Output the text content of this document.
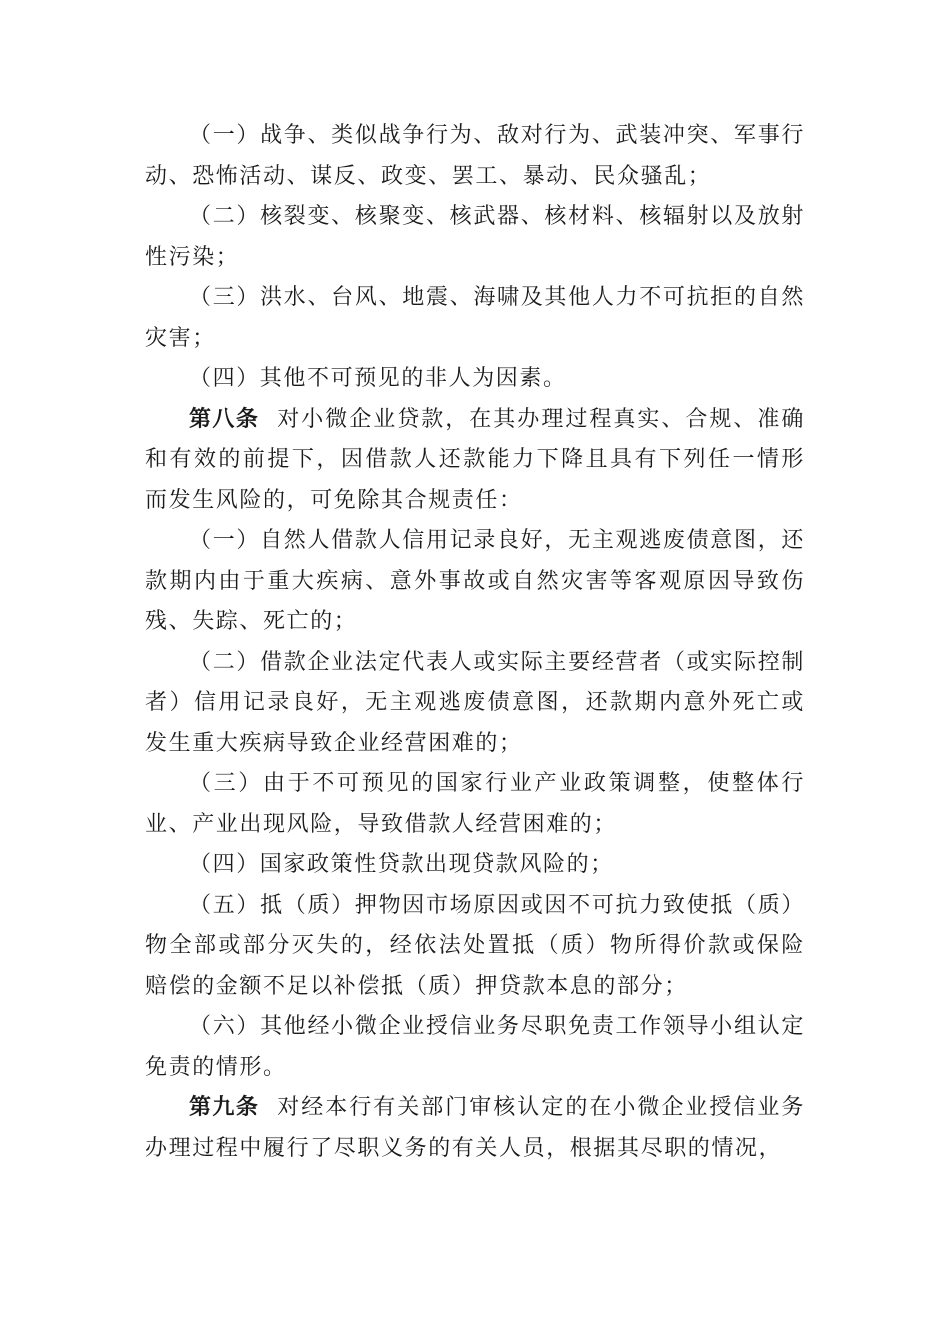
（一）战争、类似战争行为、敌对行为、武装冲突、军事行动、恐怖活动、谋反、政变、罢工、暴动、民众骚乱；

（二）核裂变、核聚变、核武器、核材料、核辐射以及放射性污染；

（三）洪水、台风、地震、海啸及其他人力不可抗拒的自然灾害；

（四）其他不可预见的非人为因素。

第八条 对小微企业贷款，在其办理过程真实、合规、准确和有效的前提下，因借款人还款能力下降且具有下列任一情形而发生风险的，可免除其合规责任：

（一）自然人借款人信用记录良好，无主观逃废债意图，还款期内由于重大疾病、意外事故或自然灾害等客观原因导致伤残、失踪、死亡的；

（二）借款企业法定代表人或实际主要经营者（或实际控制者）信用记录良好，无主观逃废债意图，还款期内意外死亡或发生重大疾病导致企业经营困难的；

（三）由于不可预见的国家行业产业政策调整，使整体行业、产业出现风险，导致借款人经营困难的；

（四）国家政策性贷款出现贷款风险的；

（五）抵（质）押物因市场原因或因不可抗力致使抵（质）物全部或部分灭失的，经依法处置抵（质）物所得价款或保险赔偿的金额不足以补偿抵（质）押贷款本息的部分；

（六）其他经小微企业授信业务尽职免责工作领导小组认定免责的情形。

第九条 对经本行有关部门审核认定的在小微企业授信业务办理过程中履行了尽职义务的有关人员，根据其尽职的情况，
